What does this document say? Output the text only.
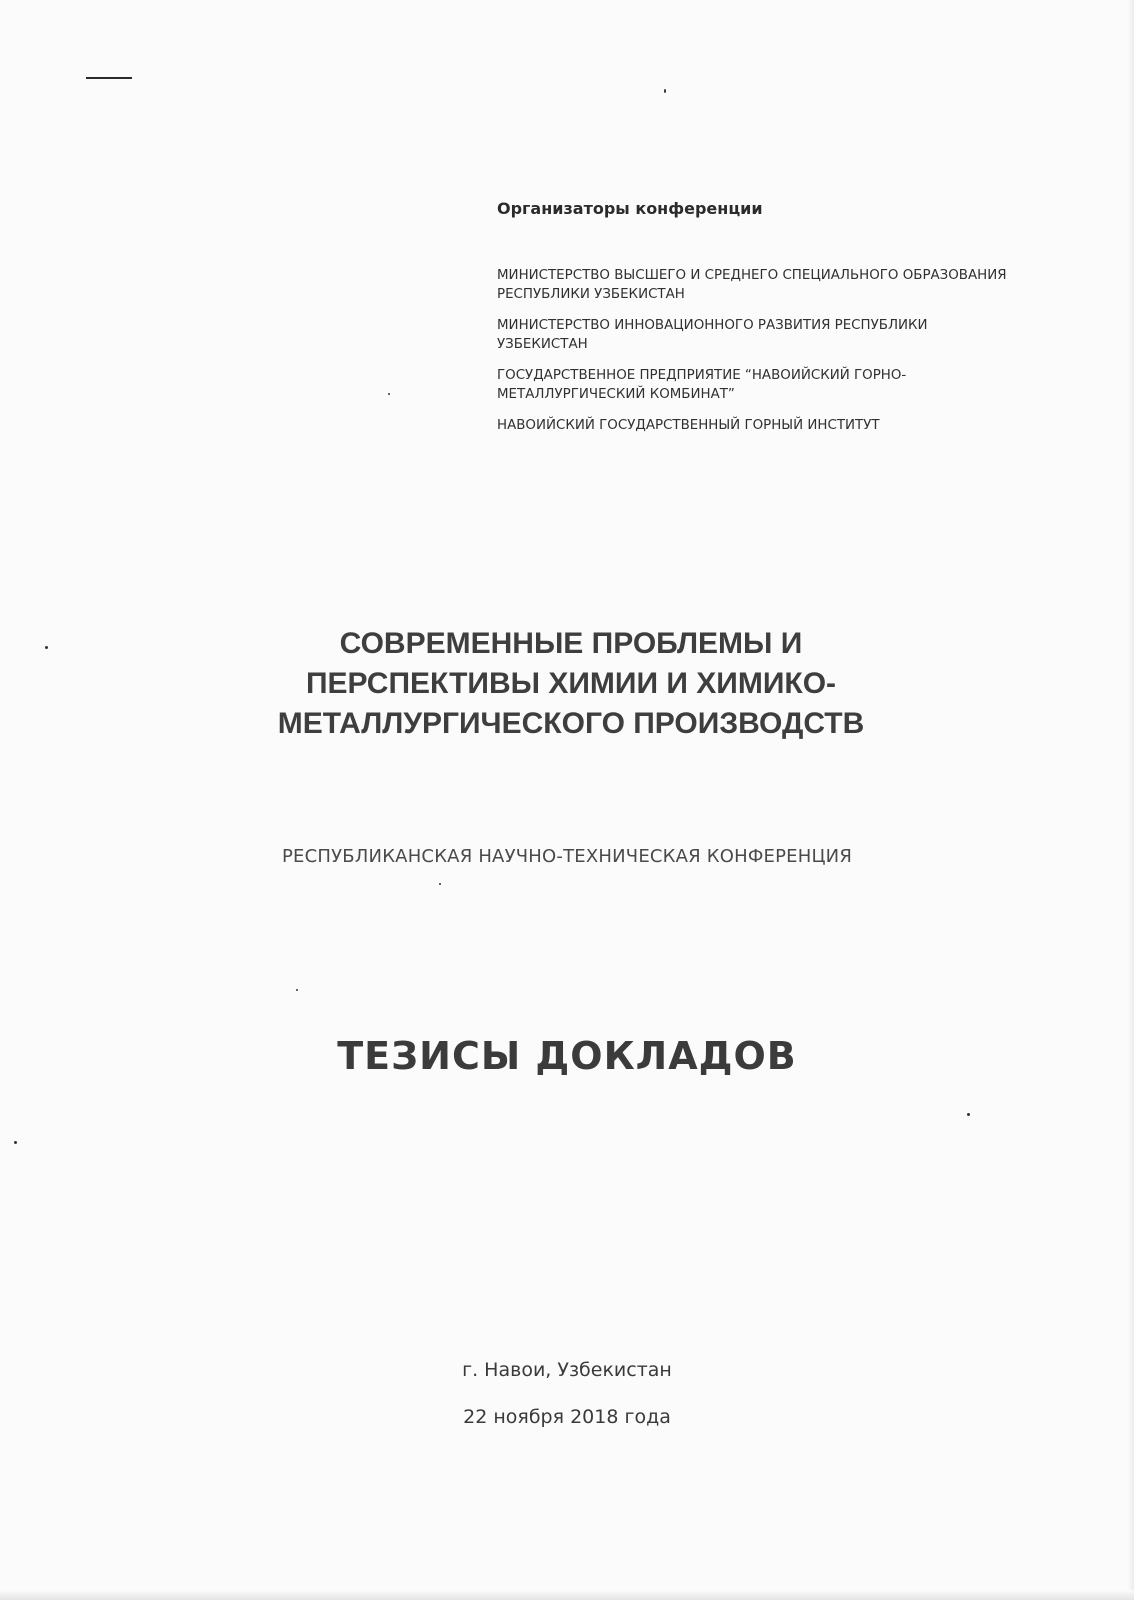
Организаторы конференции

МИНИСТЕРСТВО ВЫСШЕГО И СРЕДНЕГО СПЕЦИАЛЬНОГО ОБРАЗОВАНИЯ РЕСПУБЛИКИ УЗБЕКИСТАН
МИНИСТЕРСТВО ИННОВАЦИОННОГО РАЗВИТИЯ РЕСПУБЛИКИ УЗБЕКИСТАН
ГОСУДАРСТВЕННОЕ ПРЕДПРИЯТИЕ “НАВОИЙСКИЙ ГОРНО-МЕТАЛЛУРГИЧЕСКИЙ КОМБИНАТ”
НАВОИЙСКИЙ ГОСУДАРСТВЕННЫЙ ГОРНЫЙ ИНСТИТУТ
СОВРЕМЕННЫЕ ПРОБЛЕМЫ И
ПЕРСПЕКТИВЫ ХИМИИ И ХИМИКО-
МЕТАЛЛУРГИЧЕСКОГО ПРОИЗВОДСТВ
РЕСПУБЛИКАНСКАЯ НАУЧНО-ТЕХНИЧЕСКАЯ КОНФЕРЕНЦИЯ
ТЕЗИСЫ ДОКЛАДОВ
г. Навои, Узбекистан
22 ноября 2018 года
